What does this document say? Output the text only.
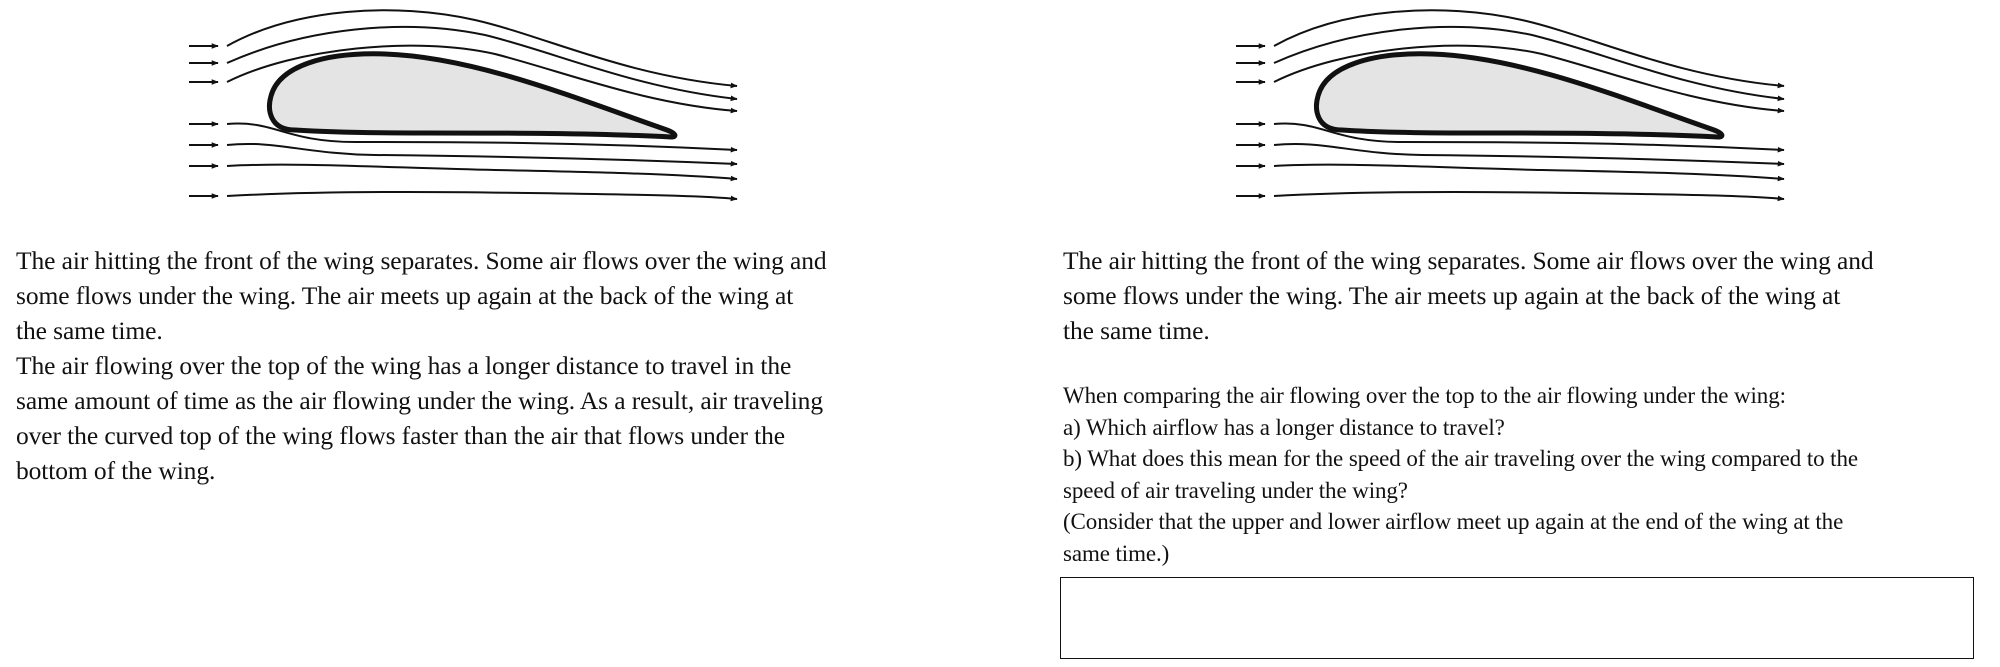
The air hitting the front of the wing separates. Some air flows over the wing and

some flows under the wing. The air meets up again at the back of the wing at

the same time.

The air flowing over the top of the wing has a longer distance to travel in the

same amount of time as the air flowing under the wing. As a result, air traveling

over the curved top of the wing flows faster than the air that flows under the

bottom of the wing.

The air hitting the front of the wing separates. Some air flows over the wing and

some flows under the wing. The air meets up again at the back of the wing at

the same time.

When comparing the air flowing over the top to the air flowing under the wing:

a) Which airflow has a longer distance to travel?

b) What does this mean for the speed of the air traveling over the wing compared to the

speed of air traveling under the wing?

(Consider that the upper and lower airflow meet up again at the end of the wing at the

same time.)
